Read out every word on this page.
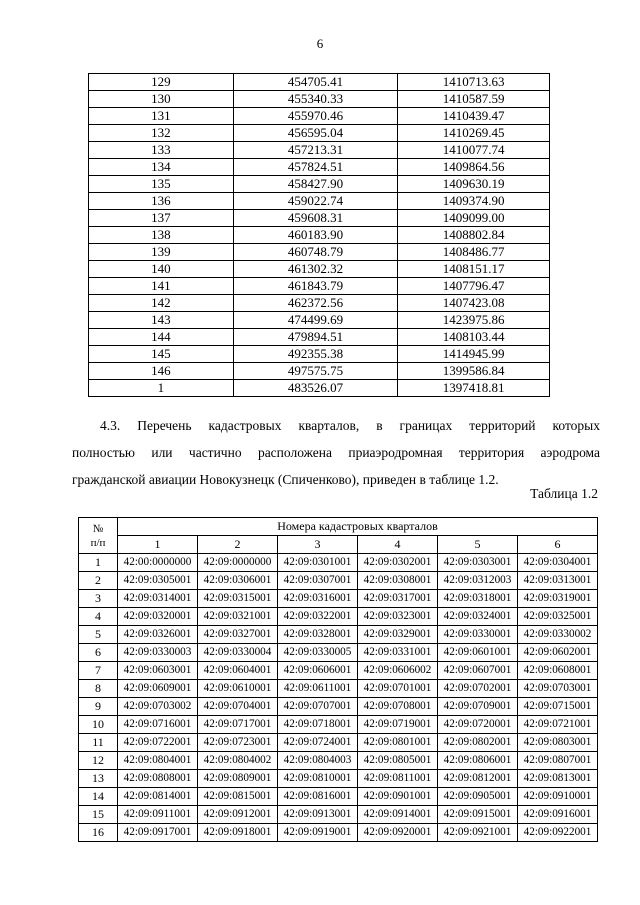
6
129	454705.41	1410713.63
130	455340.33	1410587.59
131	455970.46	1410439.47
132	456595.04	1410269.45
133	457213.31	1410077.74
134	457824.51	1409864.56
135	458427.90	1409630.19
136	459022.74	1409374.90
137	459608.31	1409099.00
138	460183.90	1408802.84
139	460748.79	1408486.77
140	461302.32	1408151.17
141	461843.79	1407796.47
142	462372.56	1407423.08
143	474499.69	1423975.86
144	479894.51	1408103.44
145	492355.38	1414945.99
146	497575.75	1399586.84
1	483526.07	1397418.81

4.3. Перечень кадастровых кварталов, в границах территорий которых
полностью или частично расположена приаэродромная территория аэродрома
гражданской авиации Новокузнецк (Спиченково), приведен в таблице 1.2.

Таблица 1.2
№
п/п	Номера кадастровых кварталов					
	1	2	3	4	5	6
1	42:00:0000000	42:09:0000000	42:09:0301001	42:09:0302001	42:09:0303001	42:09:0304001
2	42:09:0305001	42:09:0306001	42:09:0307001	42:09:0308001	42:09:0312003	42:09:0313001
3	42:09:0314001	42:09:0315001	42:09:0316001	42:09:0317001	42:09:0318001	42:09:0319001
4	42:09:0320001	42:09:0321001	42:09:0322001	42:09:0323001	42:09:0324001	42:09:0325001
5	42:09:0326001	42:09:0327001	42:09:0328001	42:09:0329001	42:09:0330001	42:09:0330002
6	42:09:0330003	42:09:0330004	42:09:0330005	42:09:0331001	42:09:0601001	42:09:0602001
7	42:09:0603001	42:09:0604001	42:09:0606001	42:09:0606002	42:09:0607001	42:09:0608001
8	42:09:0609001	42:09:0610001	42:09:0611001	42:09:0701001	42:09:0702001	42:09:0703001
9	42:09:0703002	42:09:0704001	42:09:0707001	42:09:0708001	42:09:0709001	42:09:0715001
10	42:09:0716001	42:09:0717001	42:09:0718001	42:09:0719001	42:09:0720001	42:09:0721001
11	42:09:0722001	42:09:0723001	42:09:0724001	42:09:0801001	42:09:0802001	42:09:0803001
12	42:09:0804001	42:09:0804002	42:09:0804003	42:09:0805001	42:09:0806001	42:09:0807001
13	42:09:0808001	42:09:0809001	42:09:0810001	42:09:0811001	42:09:0812001	42:09:0813001
14	42:09:0814001	42:09:0815001	42:09:0816001	42:09:0901001	42:09:0905001	42:09:0910001
15	42:09:0911001	42:09:0912001	42:09:0913001	42:09:0914001	42:09:0915001	42:09:0916001
16	42:09:0917001	42:09:0918001	42:09:0919001	42:09:0920001	42:09:0921001	42:09:0922001
